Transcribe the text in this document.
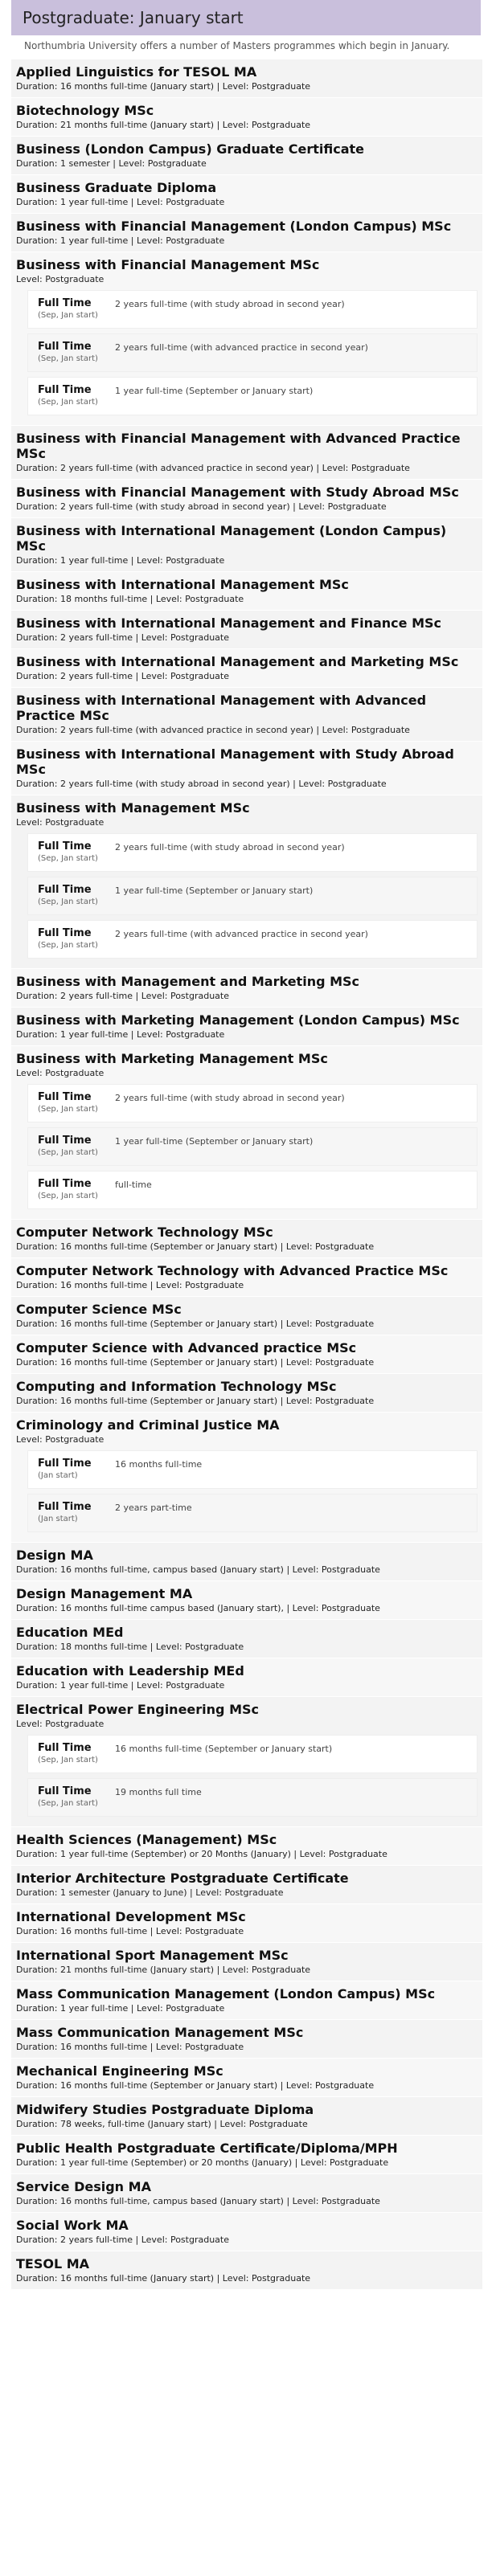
Postgraduate: January start
Northumbria University offers a number of Masters programmes which begin in January.
Applied Linguistics for TESOL MA
Duration: 16 months full-time (January start) | Level: Postgraduate
Biotechnology MSc
Duration: 21 months full-time (January start) | Level: Postgraduate
Business (London Campus) Graduate Certificate
Duration: 1 semester | Level: Postgraduate
Business Graduate Diploma
Duration: 1 year full-time | Level: Postgraduate
Business with Financial Management (London Campus) MSc
Duration: 1 year full-time | Level: Postgraduate
Business with Financial Management MSc
Level: Postgraduate
Full Time
(Sep, Jan start)
2 years full-time (with study abroad in second year)
Full Time
(Sep, Jan start)
2 years full-time (with advanced practice in second year)
Full Time
(Sep, Jan start)
1 year full-time (September or January start)
Business with Financial Management with Advanced Practice MSc
Duration: 2 years full-time (with advanced practice in second year) | Level: Postgraduate
Business with Financial Management with Study Abroad MSc
Duration: 2 years full-time (with study abroad in second year) | Level: Postgraduate
Business with International Management (London Campus) MSc
Duration: 1 year full-time | Level: Postgraduate
Business with International Management MSc
Duration: 18 months full-time | Level: Postgraduate
Business with International Management and Finance MSc
Duration: 2 years full-time | Level: Postgraduate
Business with International Management and Marketing MSc
Duration: 2 years full-time | Level: Postgraduate
Business with International Management with Advanced Practice MSc
Duration: 2 years full-time (with advanced practice in second year) | Level: Postgraduate
Business with International Management with Study Abroad MSc
Duration: 2 years full-time (with study abroad in second year) | Level: Postgraduate
Business with Management MSc
Level: Postgraduate
Full Time
(Sep, Jan start)
2 years full-time (with study abroad in second year)
Full Time
(Sep, Jan start)
1 year full-time (September or January start)
Full Time
(Sep, Jan start)
2 years full-time (with advanced practice in second year)
Business with Management and Marketing MSc
Duration: 2 years full-time | Level: Postgraduate
Business with Marketing Management (London Campus) MSc
Duration: 1 year full-time | Level: Postgraduate
Business with Marketing Management MSc
Level: Postgraduate
Full Time
(Sep, Jan start)
2 years full-time (with study abroad in second year)
Full Time
(Sep, Jan start)
1 year full-time (September or January start)
Full Time
(Sep, Jan start)
full-time
Computer Network Technology MSc
Duration: 16 months full-time (September or January start) | Level: Postgraduate
Computer Network Technology with Advanced Practice MSc
Duration: 16 months full-time | Level: Postgraduate
Computer Science MSc
Duration: 16 months full-time (September or January start) | Level: Postgraduate
Computer Science with Advanced practice MSc
Duration: 16 months full-time (September or January start) | Level: Postgraduate
Computing and Information Technology MSc
Duration: 16 months full-time (September or January start) | Level: Postgraduate
Criminology and Criminal Justice MA
Level: Postgraduate
Full Time
(Jan start)
16 months full-time
Full Time
(Jan start)
2 years part-time
Design MA
Duration: 16 months full-time, campus based (January start) | Level: Postgraduate
Design Management MA
Duration: 16 months full-time campus based (January start), | Level: Postgraduate
Education MEd
Duration: 18 months full-time | Level: Postgraduate
Education with Leadership MEd
Duration: 1 year full-time | Level: Postgraduate
Electrical Power Engineering MSc
Level: Postgraduate
Full Time
(Sep, Jan start)
16 months full-time (September or January start)
Full Time
(Sep, Jan start)
19 months full time
Health Sciences (Management) MSc
Duration: 1 year full-time (September) or 20 Months (January) | Level: Postgraduate
Interior Architecture Postgraduate Certificate
Duration: 1 semester (January to June) | Level: Postgraduate
International Development MSc
Duration: 16 months full-time | Level: Postgraduate
International Sport Management MSc
Duration: 21 months full-time (January start) | Level: Postgraduate
Mass Communication Management (London Campus) MSc
Duration: 1 year full-time | Level: Postgraduate
Mass Communication Management MSc
Duration: 16 months full-time | Level: Postgraduate
Mechanical Engineering MSc
Duration: 16 months full-time (September or January start) | Level: Postgraduate
Midwifery Studies Postgraduate Diploma
Duration: 78 weeks, full-time (January start) | Level: Postgraduate
Public Health Postgraduate Certificate/Diploma/MPH
Duration: 1 year full-time (September) or 20 months (January) | Level: Postgraduate
Service Design MA
Duration: 16 months full-time, campus based (January start) | Level: Postgraduate
Social Work MA
Duration: 2 years full-time | Level: Postgraduate
TESOL MA
Duration: 16 months full-time (January start) | Level: Postgraduate
